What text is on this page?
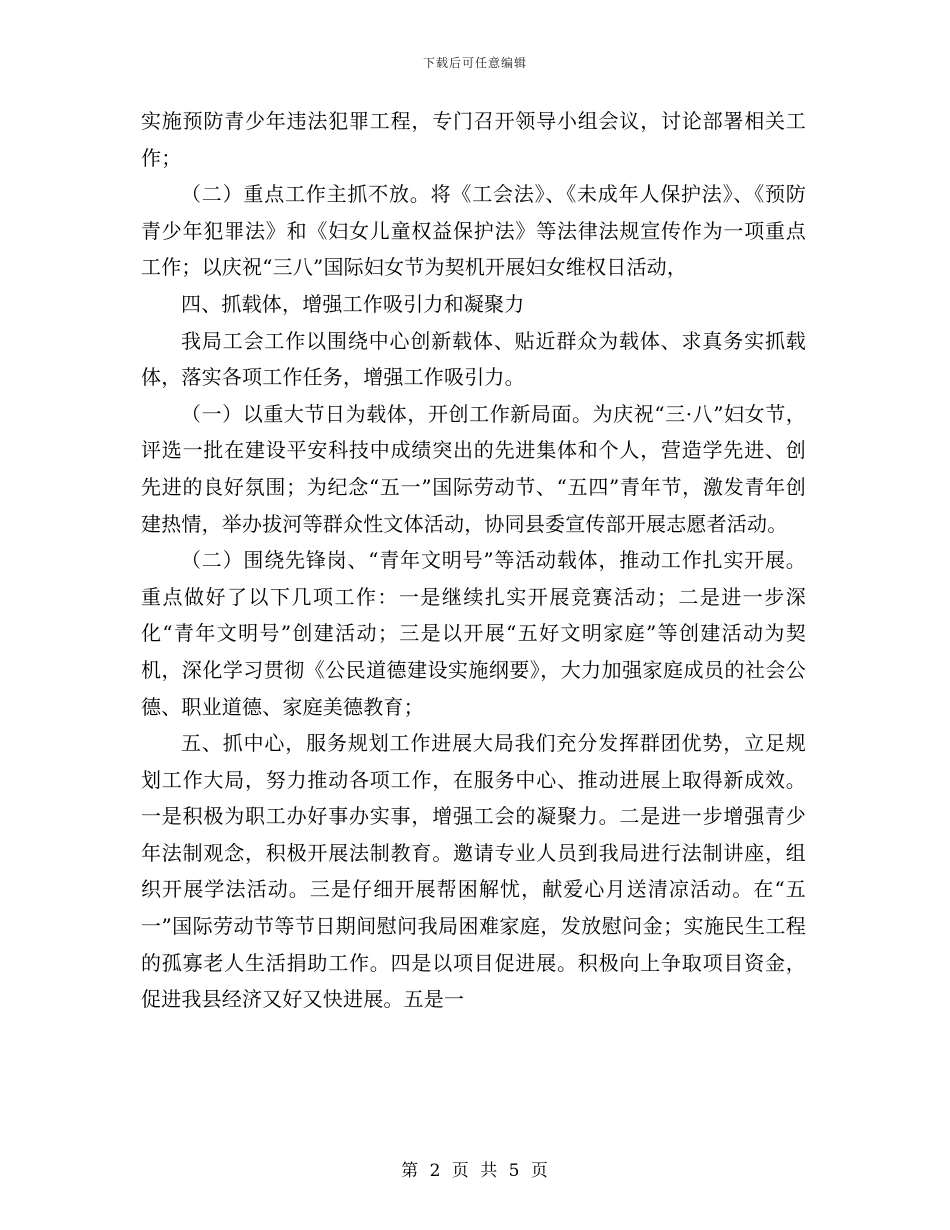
下载后可任意编辑

实施预防青少年违法犯罪工程，专门召开领导小组会议，讨论部署相关工作；

（二）重点工作主抓不放。将《工会法》、《未成年人保护法》、《预防青少年犯罪法》和《妇女儿童权益保护法》等法律法规宣传作为一项重点工作；以庆祝“三八”国际妇女节为契机开展妇女维权日活动，

四、抓载体，增强工作吸引力和凝聚力

我局工会工作以围绕中心创新载体、贴近群众为载体、求真务实抓载体，落实各项工作任务，增强工作吸引力。

（一）以重大节日为载体，开创工作新局面。为庆祝“三·八”妇女节，评选一批在建设平安科技中成绩突出的先进集体和个人，营造学先进、创先进的良好氛围；为纪念“五一”国际劳动节、“五四”青年节，激发青年创建热情，举办拔河等群众性文体活动，协同县委宣传部开展志愿者活动。

（二）围绕先锋岗、“青年文明号”等活动载体，推动工作扎实开展。重点做好了以下几项工作：一是继续扎实开展竞赛活动；二是进一步深化“青年文明号”创建活动；三是以开展“五好文明家庭”等创建活动为契机，深化学习贯彻《公民道德建设实施纲要》，大力加强家庭成员的社会公德、职业道德、家庭美德教育；

五、抓中心，服务规划工作进展大局我们充分发挥群团优势，立足规划工作大局，努力推动各项工作，在服务中心、推动进展上取得新成效。一是积极为职工办好事办实事，增强工会的凝聚力。二是进一步增强青少年法制观念，积极开展法制教育。邀请专业人员到我局进行法制讲座，组织开展学法活动。三是仔细开展帮困解忧，献爱心月送清凉活动。在“五一”国际劳动节等节日期间慰问我局困难家庭，发放慰问金；实施民生工程的孤寡老人生活捐助工作。四是以项目促进展。积极向上争取项目资金，促进我县经济又好又快进展。五是一

第 2 页 共 5 页
